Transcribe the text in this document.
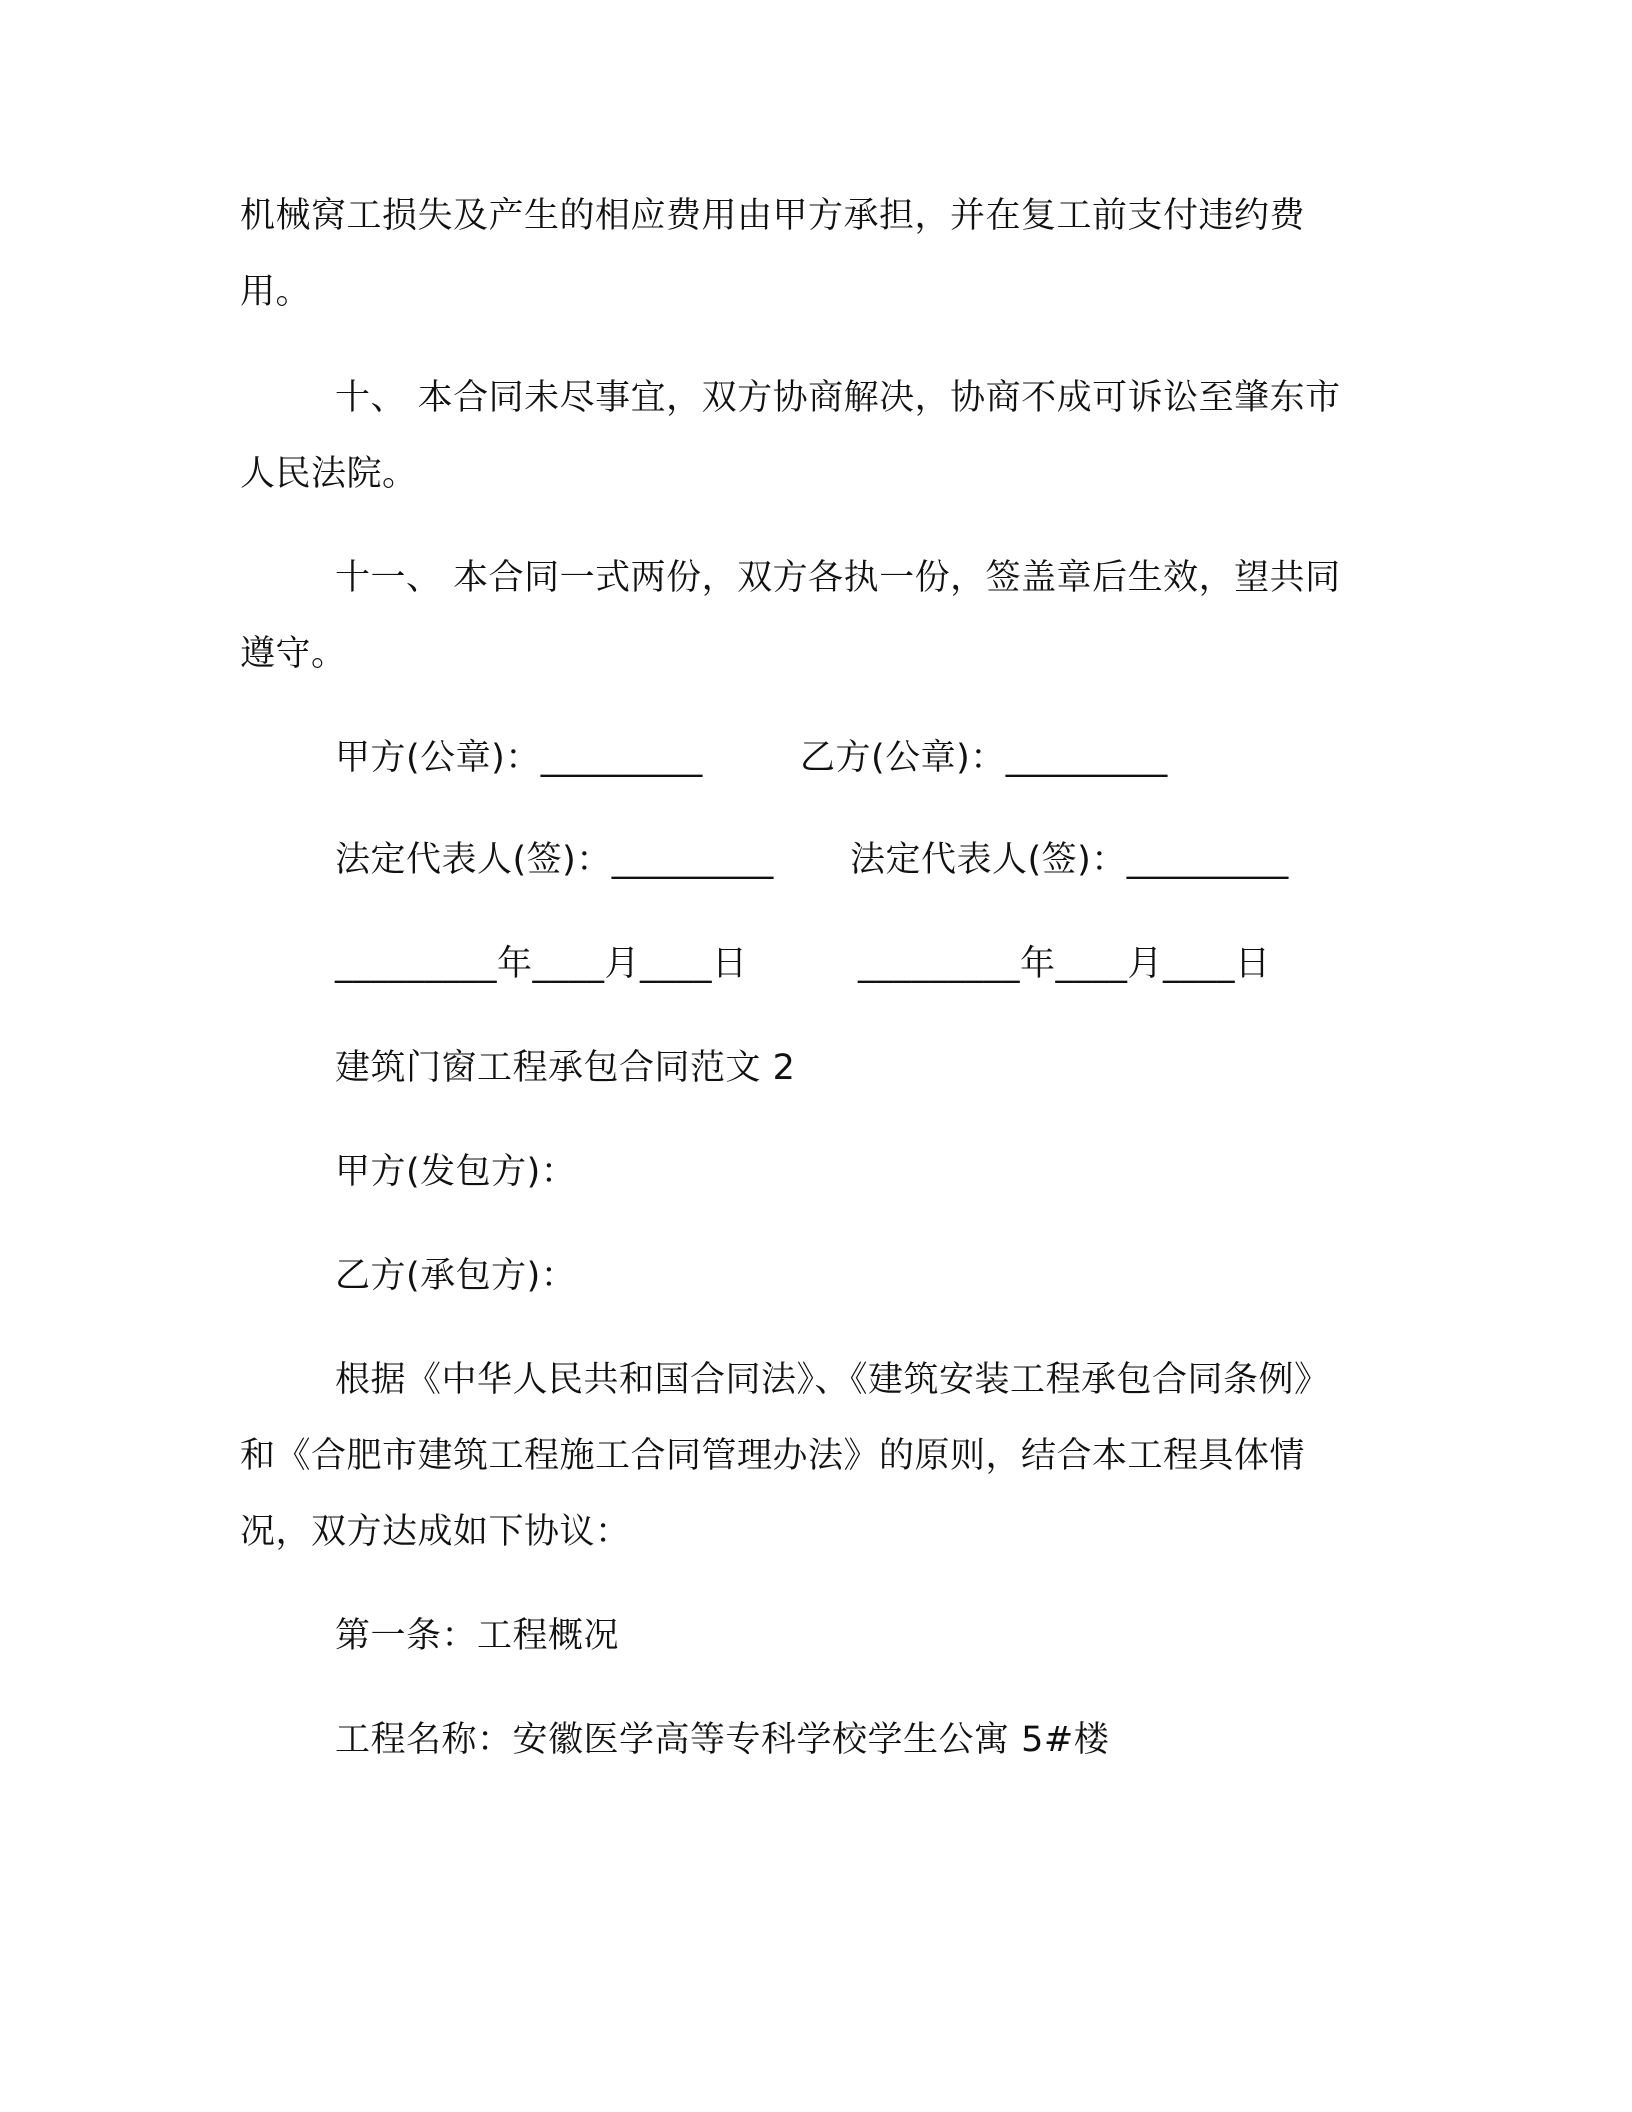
机械窝工损失及产生的相应费用由甲方承担，并在复工前支付违约费
用。
十、 本合同未尽事宜，双方协商解决，协商不成可诉讼至肇东市
人民法院。
十一、 本合同一式两份，双方各执一份，签盖章后生效，望共同
遵守。
甲方(公章)：_________	乙方(公章)：_________
法定代表人(签)：_________ 法定代表人(签)：_________
_________年____月____日	_________年____月____日
建筑门窗工程承包合同范文 2
甲方(发包方)：
乙方(承包方)：
根据《中华人民共和国合同法》、《建筑安装工程承包合同条例》
和《合肥市建筑工程施工合同管理办法》的原则，结合本工程具体情
况，双方达成如下协议：
第一条：工程概况
工程名称：安徽医学高等专科学校学生公寓 5#楼
